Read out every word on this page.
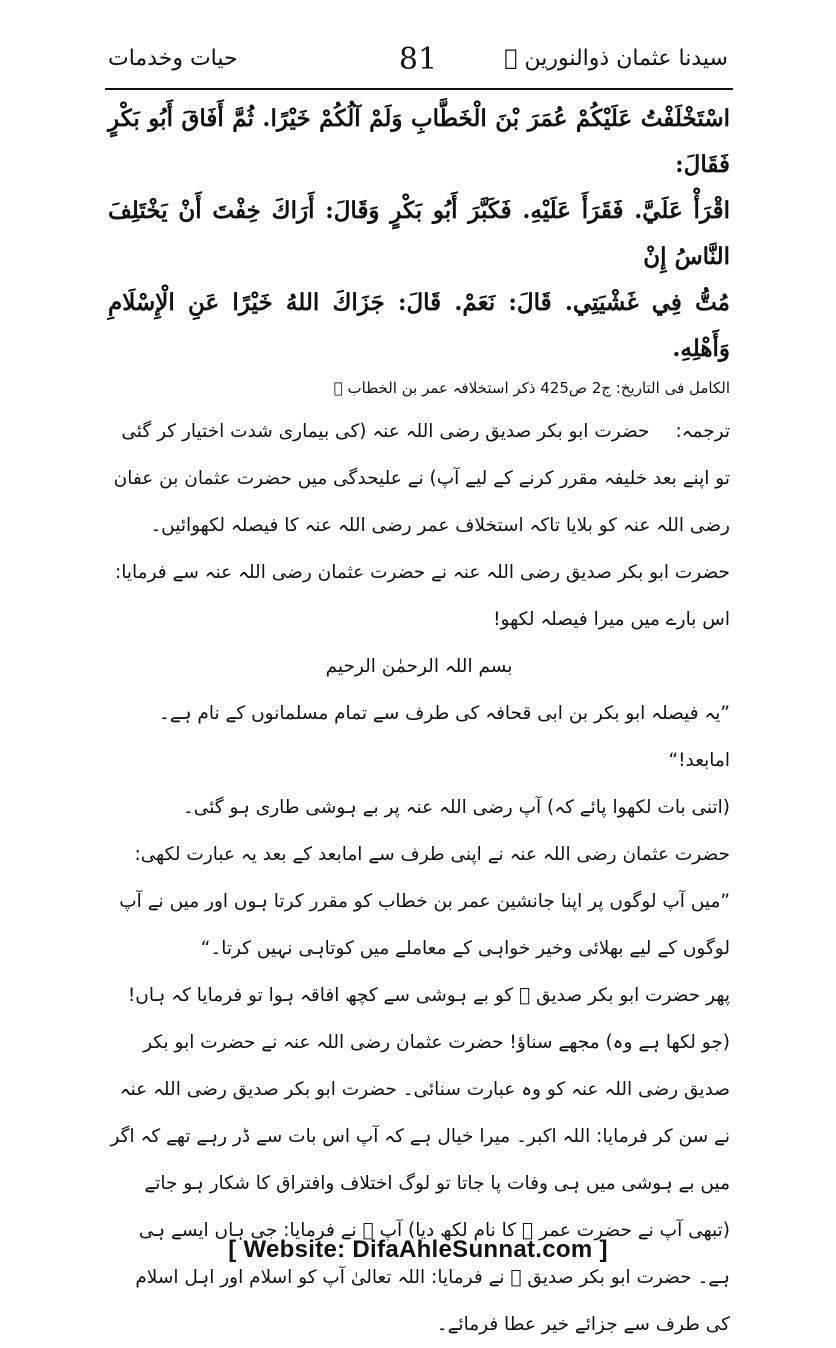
حیات وخدمات	81	سیدنا عثمان ذوالنورین ﷜

اسْتَخْلَفْتُ عَلَيْكُمْ عُمَرَ بْنَ الْخَطَّابِ وَلَمْ آلُكُمْ خَيْرًا. ثُمَّ أَفَاقَ أَبُو بَكْرٍ فَقَالَ:

اقْرَأْ عَلَيَّ. فَقَرَأَ عَلَيْهِ. فَكَبَّرَ أَبُو بَكْرٍ وَقَالَ: أَرَاكَ خِفْتَ أَنْ يَخْتَلِفَ النَّاسُ إِنْ

مُتُّ فِي غَشْيَتِي. قَالَ: نَعَمْ. قَالَ: جَزَاكَ اللهُ خَيْرًا عَنِ الْإِسْلَامِ وَأَهْلِهِ.

الکامل فی التاریخ: ج2 ص425 ذکر استخلافہ عمر بن الخطاب ﷜

ترجمہ:حضرت ابو بکر صدیق رضی اللہ عنہ (کی بیماری شدت اختیار کر گئی تو اپنے بعد خلیفہ مقرر کرنے کے لیے آپ) نے علیحدگی میں حضرت عثمان بن عفان رضی اللہ عنہ کو بلایا تاکہ استخلاف عمر رضی اللہ عنہ کا فیصلہ لکھوائیں۔ حضرت ابو بکر صدیق رضی اللہ عنہ نے حضرت عثمان رضی اللہ عنہ سے فرمایا: اس بارے میں میرا فیصلہ لکھو!

بسم اللہ الرحمٰن الرحیم

”یہ فیصلہ ابو بکر بن ابی قحافہ کی طرف سے تمام مسلمانوں کے نام ہے۔ امابعد!“

(اتنی بات لکھوا پائے کہ) آپ رضی اللہ عنہ پر بے ہوشی طاری ہو گئی۔

حضرت عثمان رضی اللہ عنہ نے اپنی طرف سے امابعد کے بعد یہ عبارت لکھی:

”میں آپ لوگوں پر اپنا جانشین عمر بن خطاب کو مقرر کرتا ہوں اور میں نے آپ لوگوں کے لیے بھلائی وخیر خواہی کے معاملے میں کوتاہی نہیں کرتا۔“

پھر حضرت ابو بکر صدیق ﷜ کو بے ہوشی سے کچھ افاقہ ہوا تو فرمایا کہ ہاں! (جو لکھا ہے وہ) مجھے سناؤ! حضرت عثمان رضی اللہ عنہ نے حضرت ابو بکر صدیق رضی اللہ عنہ کو وہ عبارت سنائی۔ حضرت ابو بکر صدیق رضی اللہ عنہ نے سن کر فرمایا: اللہ اکبر۔ میرا خیال ہے کہ آپ اس بات سے ڈر رہے تھے کہ اگر میں بے ہوشی میں ہی وفات پا جاتا تو لوگ اختلاف وافتراق کا شکار ہو جاتے (تبھی آپ نے حضرت عمر ﷜ کا نام لکھ دیا) آپ ﷜ نے فرمایا: جی ہاں ایسے ہی ہے۔ حضرت ابو بکر صدیق ﷜ نے فرمایا: اللہ تعالیٰ آپ کو اسلام اور اہل اسلام کی طرف سے جزائے خیر عطا فرمائے۔

[ Website: DifaAhleSunnat.com ]
